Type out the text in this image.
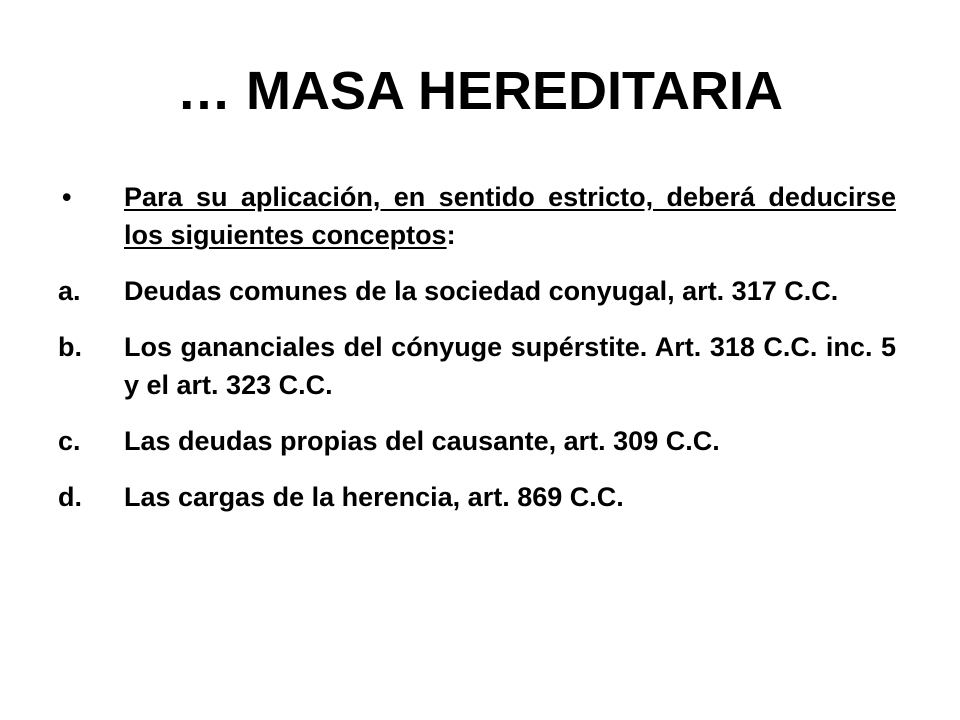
… MASA HEREDITARIA
•	Para su aplicación, en sentido estricto, deberá deducirse los siguientes conceptos:
a.	Deudas comunes de la sociedad conyugal, art. 317 C.C.
b.	Los gananciales del cónyuge supérstite. Art. 318 C.C. inc. 5 y el art. 323 C.C.
c.	Las deudas propias del causante, art. 309 C.C.
d.	Las cargas de la herencia, art. 869 C.C.
